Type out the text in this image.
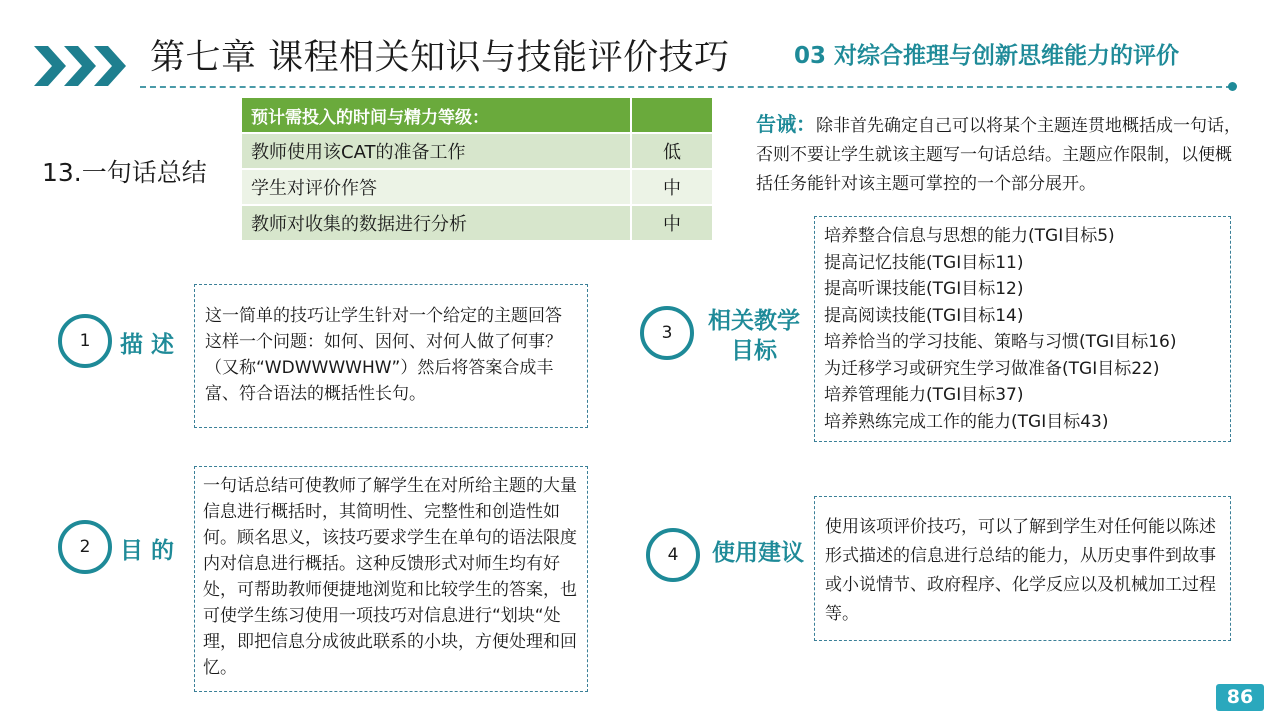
第七章 课程相关知识与技能评价技巧	03 对综合推理与创新思维能力的评价
13.一句话总结
预计需投入的时间与精力等级：	
教师使用该CAT的准备工作	低
学生对评价作答	中
教师对收集的数据进行分析	中
告诫：除非首先确定自己可以将某个主题连贯地概括成一句话，否则不要让学生就该主题写一句话总结。主题应作限制，以便概括任务能针对该主题可掌控的一个部分展开。
1	描 述
这一简单的技巧让学生针对一个给定的主题回答这样一个问题：如何、因何、对何人做了何事？（又称“WDWWWWHW”）然后将答案合成丰富、符合语法的概括性长句。
2	目 的
一句话总结可使教师了解学生在对所给主题的大量信息进行概括时，其简明性、完整性和创造性如何。顾名思义，该技巧要求学生在单句的语法限度内对信息进行概括。这种反馈形式对师生均有好处，可帮助教师便捷地浏览和比较学生的答案，也可使学生练习使用一项技巧对信息进行“划块“处理，即把信息分成彼此联系的小块，方便处理和回忆。
3	相关教学目标
培养整合信息与思想的能力(TGI目标5)
提高记忆技能(TGI目标11)
提高听课技能(TGI目标12)
提高阅读技能(TGI目标14)
培养恰当的学习技能、策略与习惯(TGI目标16)
为迁移学习或研究生学习做准备(TGI目标22)
培养管理能力(TGI目标37)
培养熟练完成工作的能力(TGI目标43)
4	使用建议
使用该项评价技巧，可以了解到学生对任何能以陈述形式描述的信息进行总结的能力，从历史事件到故事或小说情节、政府程序、化学反应以及机械加工过程等。
86
